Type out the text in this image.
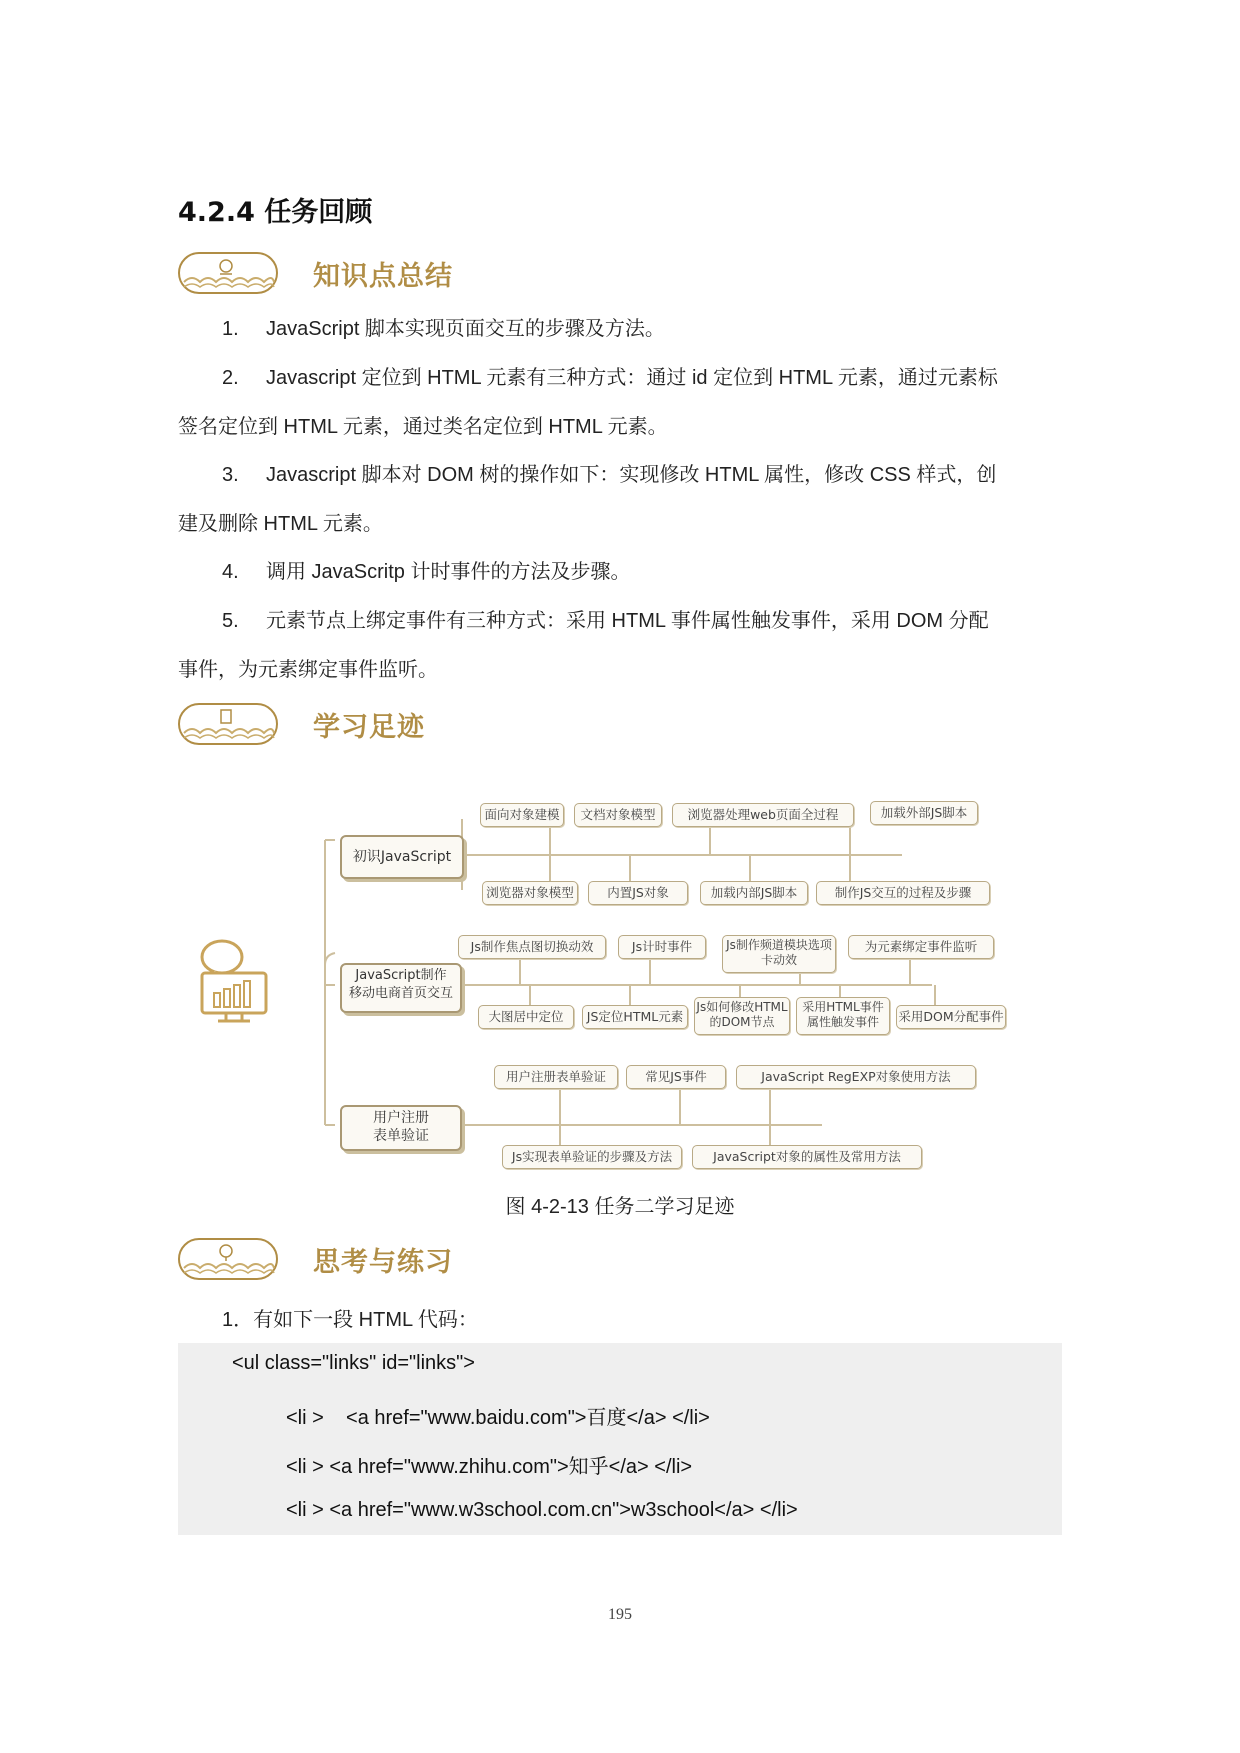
4.2.4 任务回顾
知识点总结
1. JavaScript 脚本实现页面交互的步骤及方法。
2. Javascript 定位到 HTML 元素有三种方式：通过 id 定位到 HTML 元素，通过元素标
签名定位到 HTML 元素，通过类名定位到 HTML 元素。
3. Javascript 脚本对 DOM 树的操作如下：实现修改 HTML 属性，修改 CSS 样式，创
建及删除 HTML 元素。
4. 调用 JavaScritp 计时事件的方法及步骤。
5. 元素节点上绑定事件有三种方式：采用 HTML 事件属性触发事件，采用 DOM 分配
事件，为元素绑定事件监听。
学习足迹
初识JavaScript
面向对象建模	文档对象模型	浏览器处理web页面全过程	加载外部JS脚本
浏览器对象模型	内置JS对象	加载内部JS脚本	制作JS交互的过程及步骤
JavaScript制作
移动电商首页交互
Js制作焦点图切换动效	Js计时事件	Js制作频道模块选项卡动效
为元素绑定事件监听
大图居中定位	JS定位HTML元素
Js如何修改HTML的DOM节点
采用HTML事件属性触发事件	采用DOM分配事件
用户注册
表单验证
用户注册表单验证	常见JS事件	JavaScript RegEXP对象使用方法
Js实现表单验证的步骤及方法	JavaScript对象的属性及常用方法
图 4-2-13 任务二学习足迹
思考与练习
1．有如下一段 HTML 代码：
<ul class="links" id="links">
<li >    <a href="www.baidu.com">百度</a> </li>
<li > <a href="www.zhihu.com">知乎</a> </li>
<li > <a href="www.w3school.com.cn">w3school</a> </li>
195
